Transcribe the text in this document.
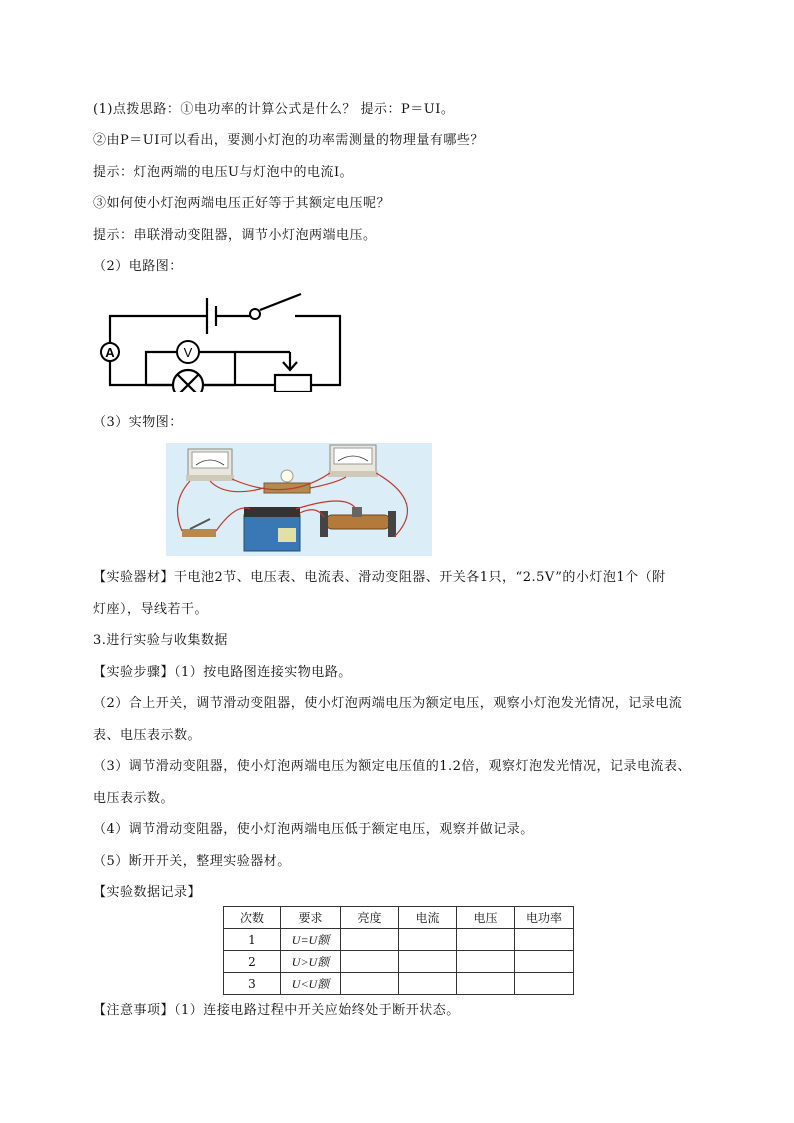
(1)点拨思路：①电功率的计算公式是什么？ 提示：P＝UI。
②由P＝UI可以看出，要测小灯泡的功率需测量的物理量有哪些？
提示：灯泡两端的电压U与灯泡中的电流I。
③如何使小灯泡两端电压正好等于其额定电压呢？
提示：串联滑动变阻器，调节小灯泡两端电压。
（2）电路图：
A	V
（3）实物图：
【实验器材】干电池2节、电压表、电流表、滑动变阻器、开关各1只，“2.5V”的小灯泡1个（附
灯座），导线若干。
3.进行实验与收集数据
【实验步骤】（1）按电路图连接实物电路。
（2）合上开关，调节滑动变阻器，使小灯泡两端电压为额定电压，观察小灯泡发光情况，记录电流
表、电压表示数。
（3）调节滑动变阻器，使小灯泡两端电压为额定电压值的1.2倍，观察灯泡发光情况，记录电流表、
电压表示数。
（4）调节滑动变阻器，使小灯泡两端电压低于额定电压，观察并做记录。
（5）断开开关，整理实验器材。
【实验数据记录】
次数	要求	亮度	电流	电压	电功率
1	U=U额				
2	U>U额				
3	U<U额				
【注意事项】（1）连接电路过程中开关应始终处于断开状态。
